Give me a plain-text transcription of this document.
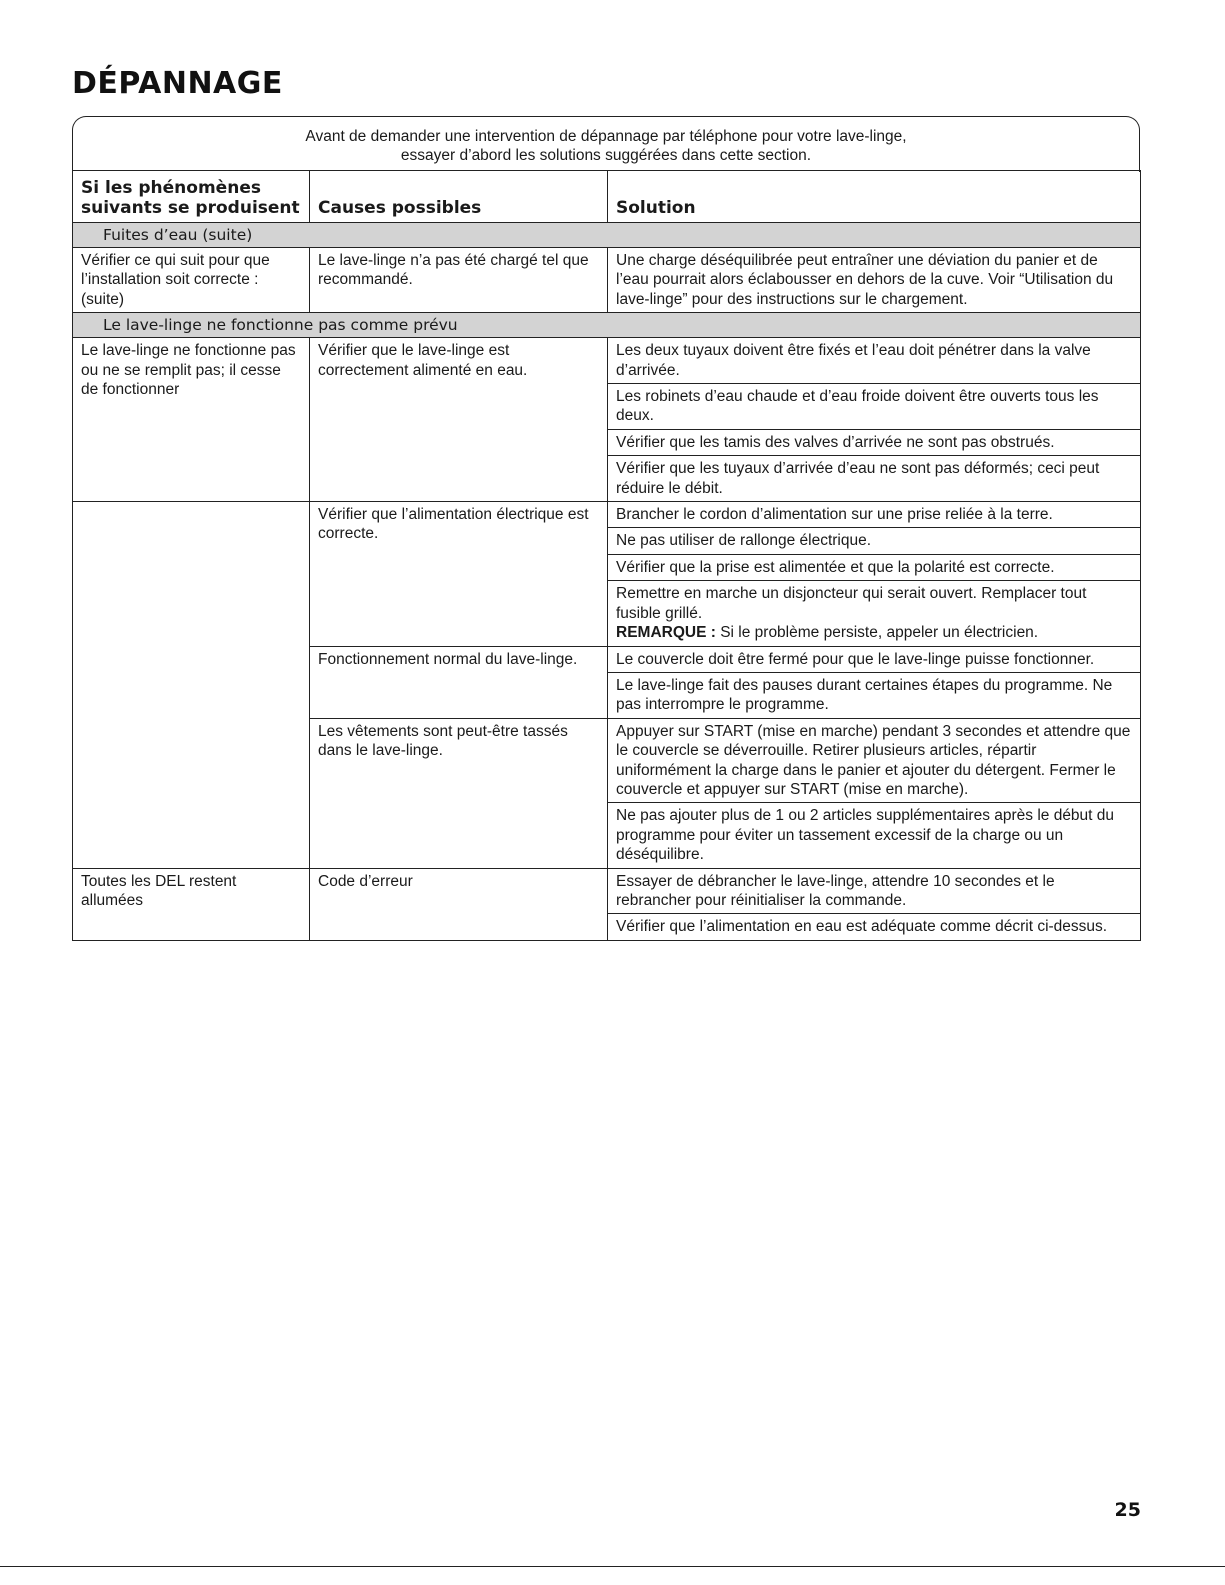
DÉPANNAGE
Avant de demander une intervention de dépannage par téléphone pour votre lave-linge,
essayer d’abord les solutions suggérées dans cette section.
Si les phénomènes
suivants se produisent	Causes possibles	Solution
Fuites d’eau (suite)		
Vérifier ce qui suit pour que l’installation soit correcte : (suite)	Le lave-linge n’a pas été chargé tel que recommandé.	Une charge déséquilibrée peut entraîner une déviation du panier et de l’eau pourrait alors éclabousser en dehors de la cuve. Voir “Utilisation du lave-linge” pour des instructions sur le chargement.
Le lave-linge ne fonctionne pas comme prévu		
Le lave-linge ne fonctionne pas ou ne se remplit pas; il cesse de fonctionner	Vérifier que le lave-linge est correctement alimenté en eau.	Les deux tuyaux doivent être fixés et l’eau doit pénétrer dans la valve d’arrivée.
		Les robinets d’eau chaude et d’eau froide doivent être ouverts tous les deux.
		Vérifier que les tamis des valves d’arrivée ne sont pas obstrués.
		Vérifier que les tuyaux d’arrivée d’eau ne sont pas déformés; ceci peut réduire le débit.
	Vérifier que l’alimentation électrique est correcte.	Brancher le cordon d’alimentation sur une prise reliée à la terre.
		Ne pas utiliser de rallonge électrique.
		Vérifier que la prise est alimentée et que la polarité est correcte.
		Remettre en marche un disjoncteur qui serait ouvert. Remplacer tout fusible grillé.
REMARQUE : Si le problème persiste, appeler un électricien.
	Fonctionnement normal du lave-linge.	Le couvercle doit être fermé pour que le lave-linge puisse fonctionner.
		Le lave-linge fait des pauses durant certaines étapes du programme. Ne pas interrompre le programme.
	Les vêtements sont peut-être tassés dans le lave-linge.	Appuyer sur START (mise en marche) pendant 3 secondes et attendre que le couvercle se déverrouille. Retirer plusieurs articles, répartir uniformément la charge dans le panier et ajouter du détergent. Fermer le couvercle et appuyer sur START (mise en marche).
		Ne pas ajouter plus de 1 ou 2 articles supplémentaires après le début du programme pour éviter un tassement excessif de la charge ou un déséquilibre.
Toutes les DEL restent allumées	Code d’erreur	Essayer de débrancher le lave-linge, attendre 10 secondes et le rebrancher pour réinitialiser la commande.
		Vérifier que l’alimentation en eau est adéquate comme décrit ci-dessus.
25
